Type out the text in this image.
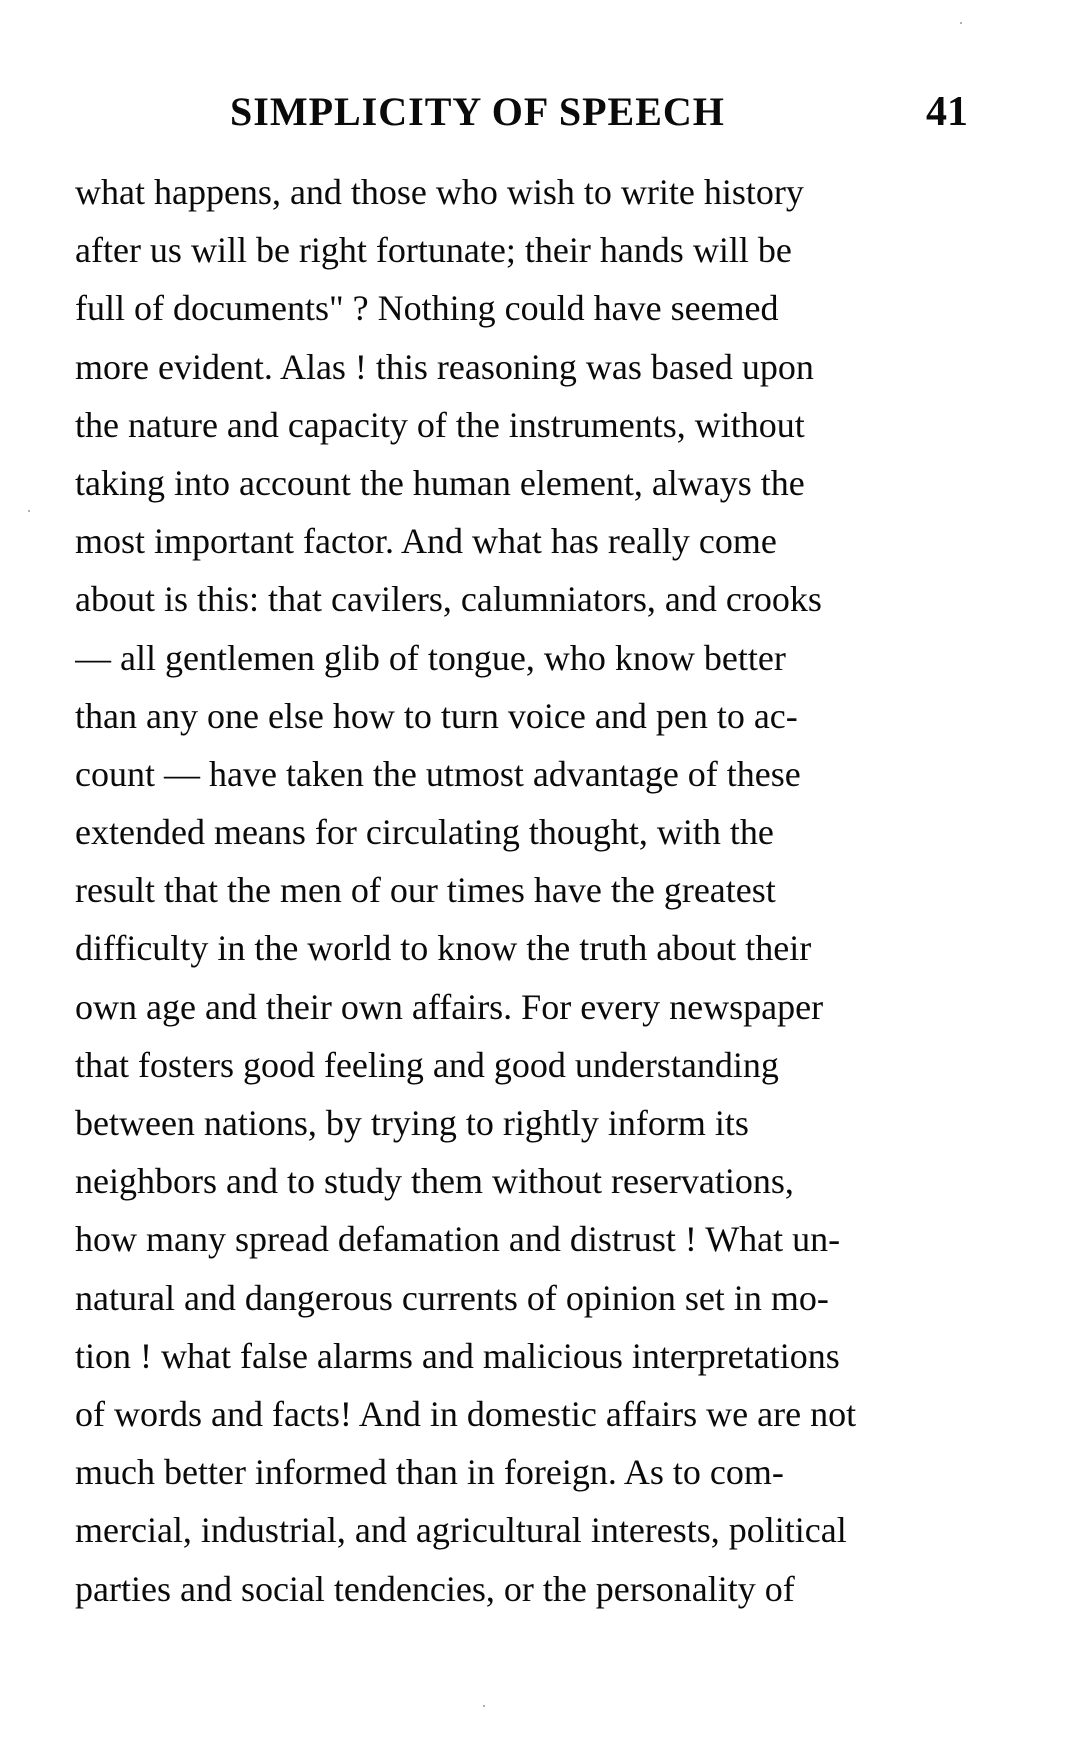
SIMPLICITY OF SPEECH	41
what happens, and those who wish to write history
after us will be right fortunate; their hands will be
full of documents" ? Nothing could have seemed
more evident. Alas ! this reasoning was based upon
the nature and capacity of the instruments, without
taking into account the human element, always the
most important factor. And what has really come
about is this: that cavilers, calumniators, and crooks
— all gentlemen glib of tongue, who know better
than any one else how to turn voice and pen to ac-
count — have taken the utmost advantage of these
extended means for circulating thought, with the
result that the men of our times have the greatest
difficulty in the world to know the truth about their
own age and their own affairs. For every newspaper
that fosters good feeling and good understanding
between nations, by trying to rightly inform its
neighbors and to study them without reservations,
how many spread defamation and distrust ! What un-
natural and dangerous currents of opinion set in mo-
tion ! what false alarms and malicious interpretations
of words and facts! And in domestic affairs we are not
much better informed than in foreign. As to com-
mercial, industrial, and agricultural interests, political
parties and social tendencies, or the personality of
